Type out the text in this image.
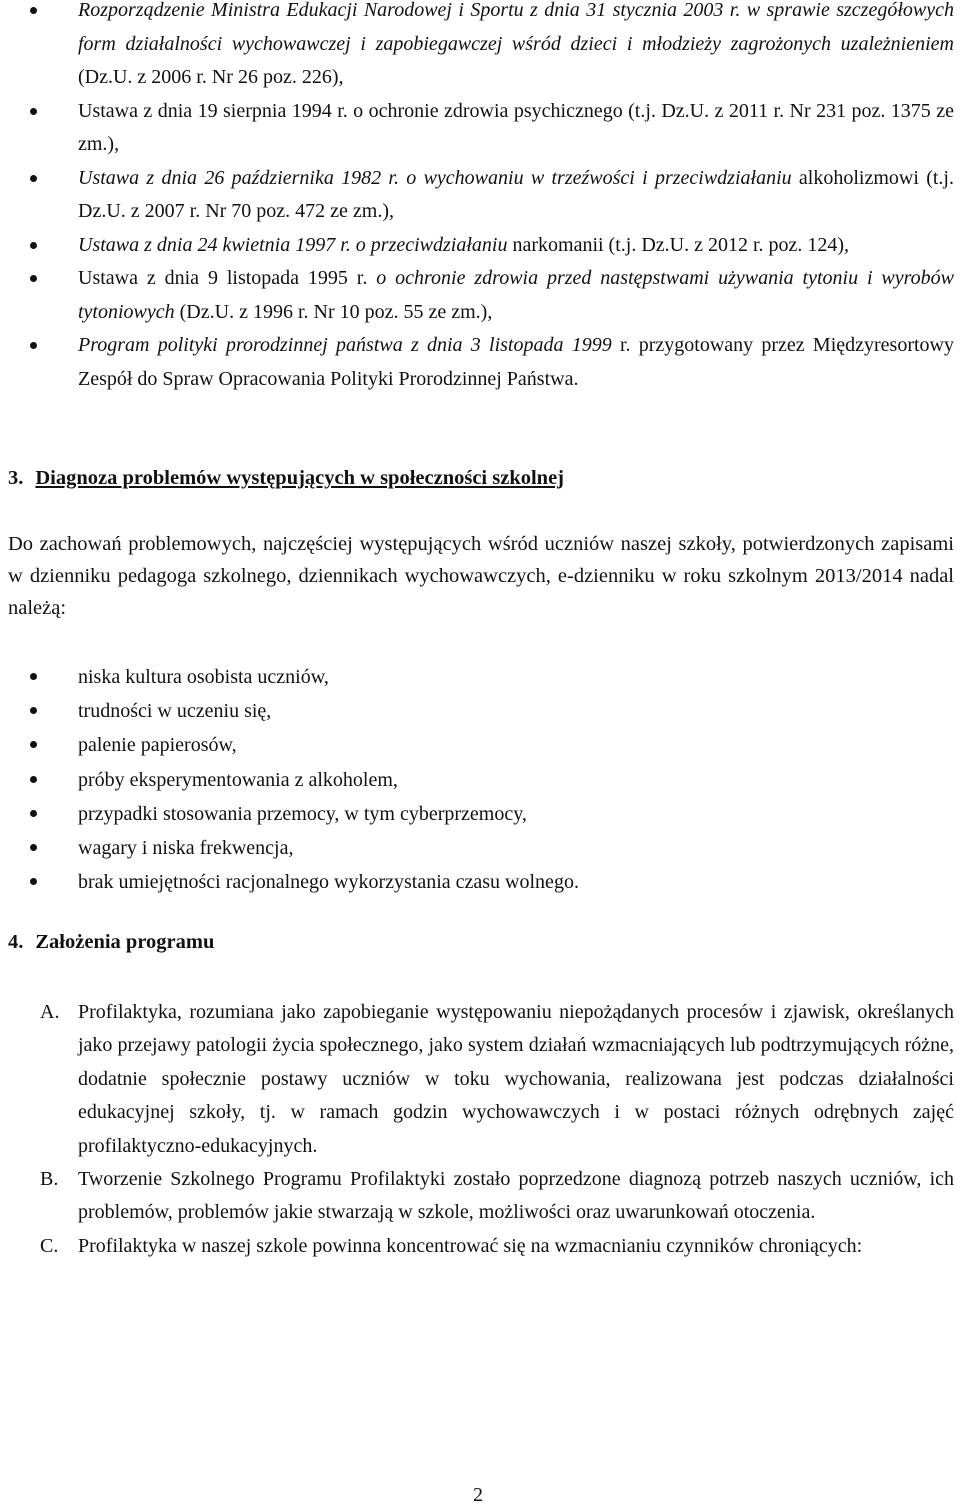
Rozporządzenie Ministra Edukacji Narodowej i Sportu z dnia 31 stycznia 2003 r. w sprawie szczegółowych form działalności wychowawczej i zapobiegawczej wśród dzieci i młodzieży zagrożonych uzależnieniem (Dz.U. z 2006 r. Nr 26 poz. 226),
Ustawa z dnia 19 sierpnia 1994 r. o ochronie zdrowia psychicznego (t.j. Dz.U. z 2011 r. Nr 231 poz. 1375 ze zm.),
Ustawa z dnia 26 października 1982 r. o wychowaniu w trzeźwości i przeciwdziałaniu alkoholizmowi (t.j. Dz.U. z 2007 r. Nr 70 poz. 472 ze zm.),
Ustawa z dnia 24 kwietnia 1997 r. o przeciwdziałaniu narkomanii (t.j. Dz.U. z 2012 r. poz. 124),
Ustawa z dnia 9 listopada 1995 r. o ochronie zdrowia przed następstwami używania tytoniu i wyrobów tytoniowych (Dz.U. z 1996 r. Nr 10 poz. 55 ze zm.),
Program polityki prorodzinnej państwa z dnia 3 listopada 1999 r. przygotowany przez Międzyresortowy Zespół do Spraw Opracowania Polityki Prorodzinnej Państwa.
3. Diagnoza problemów występujących w społeczności szkolnej
Do zachowań problemowych, najczęściej występujących wśród uczniów naszej szkoły, potwierdzonych zapisami w dzienniku pedagoga szkolnego, dziennikach wychowawczych, e-dzienniku w roku szkolnym 2013/2014 nadal należą:
niska kultura osobista uczniów,
trudności w uczeniu się,
palenie papierosów,
próby eksperymentowania z alkoholem,
przypadki stosowania przemocy, w tym cyberprzemocy,
wagary i niska frekwencja,
brak umiejętności racjonalnego wykorzystania czasu wolnego.
4. Założenia programu
A. Profilaktyka, rozumiana jako zapobieganie występowaniu niepożądanych procesów i zjawisk, określanych jako przejawy patologii życia społecznego, jako system działań wzmacniających lub podtrzymujących różne, dodatnie społecznie postawy uczniów w toku wychowania, realizowana jest podczas działalności edukacyjnej szkoły, tj. w ramach godzin wychowawczych i w postaci różnych odrębnych zajęć profilaktyczno-edukacyjnych.
B. Tworzenie Szkolnego Programu Profilaktyki zostało poprzedzone diagnozą potrzeb naszych uczniów, ich problemów, problemów jakie stwarzają w szkole, możliwości oraz uwarunkowań otoczenia.
C. Profilaktyka w naszej szkole powinna koncentrować się na wzmacnianiu czynników chroniących:
2
